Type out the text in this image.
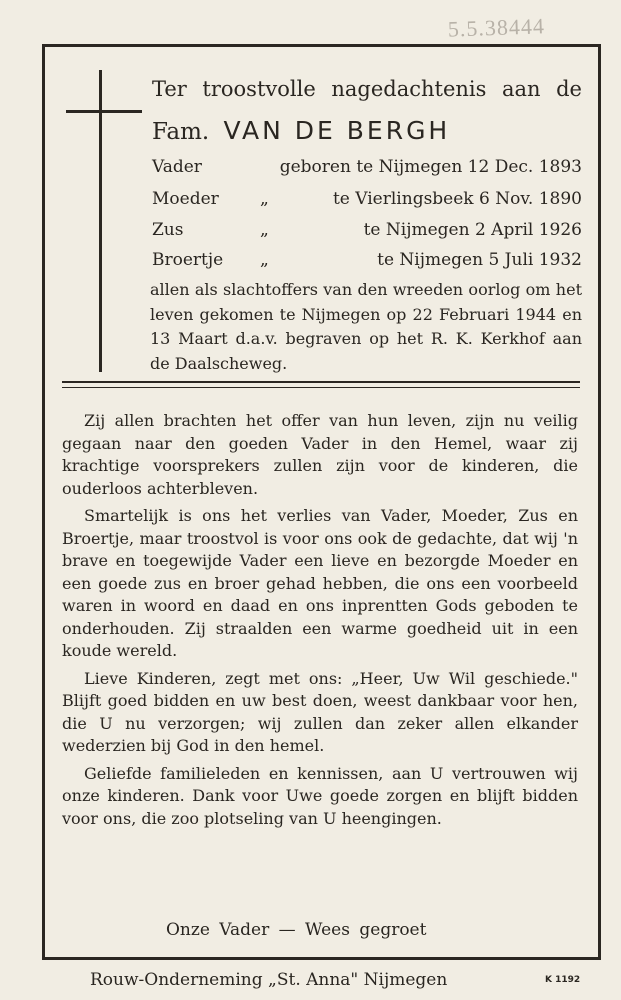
5.5.38444
Ter troostvolle nagedachtenis aan de
Fam. VAN DE BERGH
Vader	geboren te Nijmegen 12 Dec. 1893
Moeder „	te Vierlingsbeek 6 Nov. 1890
Zus	„	te Nijmegen 2 April 1926
Broertje „	te Nijmegen 5 Juli 1932
allen als slachtoffers van den wreeden oorlog om het leven gekomen te Nijmegen op 22 Februari 1944 en 13 Maart d.a.v. begraven op het R. K. Kerkhof aan de Daalscheweg.

Zij allen brachten het offer van hun leven, zijn nu veilig gegaan naar den goeden Vader in den Hemel, waar zij krachtige voorsprekers zullen zijn voor de kinderen, die ouderloos achterbleven.

Smartelijk is ons het verlies van Vader, Moeder, Zus en Broertje, maar troostvol is voor ons ook de gedachte, dat wij 'n brave en toegewijde Vader een lieve en bezorgde Moeder en een goede zus en broer gehad hebben, die ons een voorbeeld waren in woord en daad en ons inprentten Gods geboden te onderhouden. Zij straalden een warme goedheid uit in een koude wereld.

Lieve Kinderen, zegt met ons: „Heer, Uw Wil geschiede." Blijft goed bidden en uw best doen, weest dankbaar voor hen, die U nu verzorgen; wij zullen dan zeker allen elkander wederzien bij God in den hemel.

Geliefde familieleden en kennissen, aan U vertrouwen wij onze kinderen. Dank voor Uwe goede zorgen en blijft bidden voor ons, die zoo plotseling van U heengingen.

Onze Vader — Wees gegroet
Rouw-Onderneming „St. Anna" Nijmegen	K 1192
